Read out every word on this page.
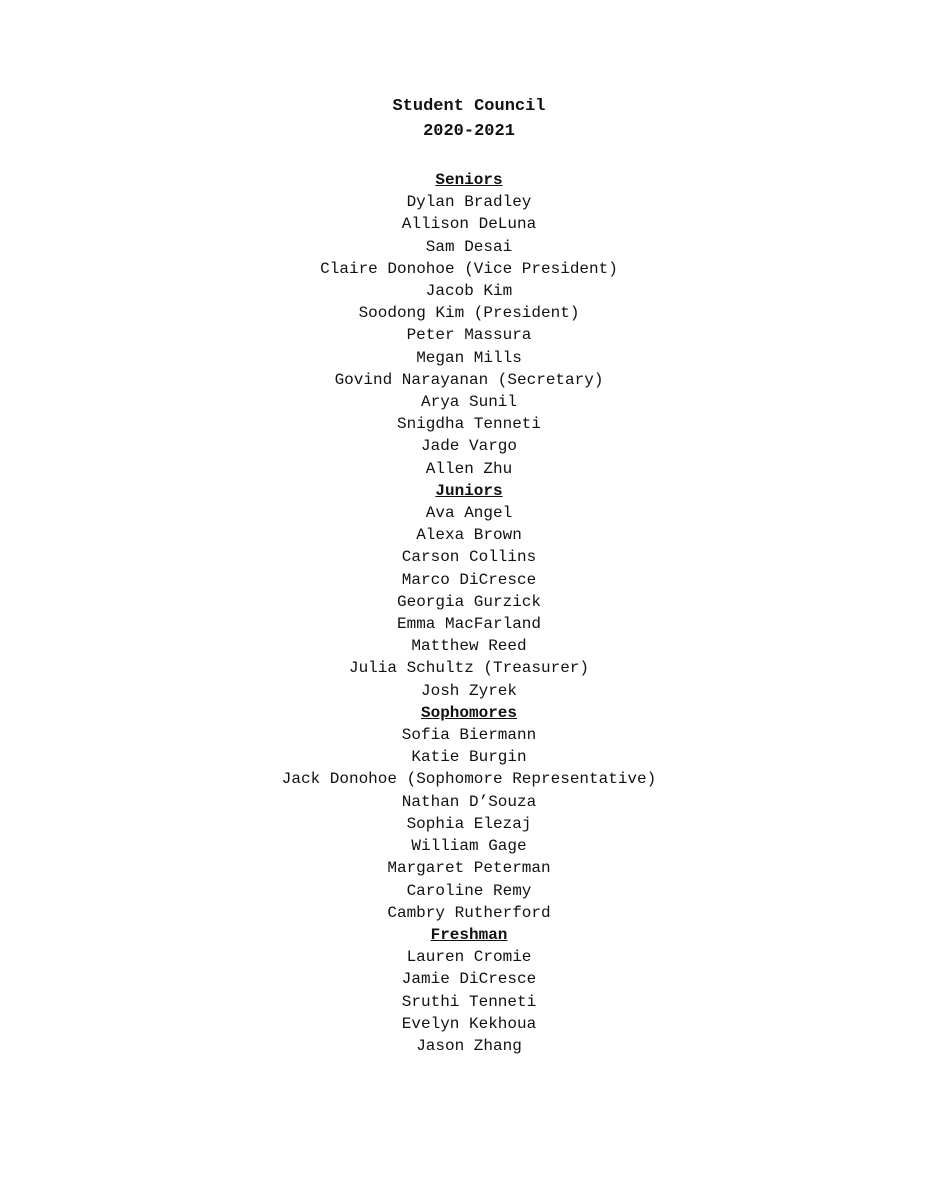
Student Council
2020-2021
Seniors
Dylan Bradley
Allison DeLuna
Sam Desai
Claire Donohoe (Vice President)
Jacob Kim
Soodong Kim (President)
Peter Massura
Megan Mills
Govind Narayanan (Secretary)
Arya Sunil
Snigdha Tenneti
Jade Vargo
Allen Zhu
Juniors
Ava Angel
Alexa Brown
Carson Collins
Marco DiCresce
Georgia Gurzick
Emma MacFarland
Matthew Reed
Julia Schultz (Treasurer)
Josh Zyrek
Sophomores
Sofia Biermann
Katie Burgin
Jack Donohoe (Sophomore Representative)
Nathan D’Souza
Sophia Elezaj
William Gage
Margaret Peterman
Caroline Remy
Cambry Rutherford
Freshman
Lauren Cromie
Jamie DiCresce
Sruthi Tenneti
Evelyn Kekhoua
Jason Zhang
